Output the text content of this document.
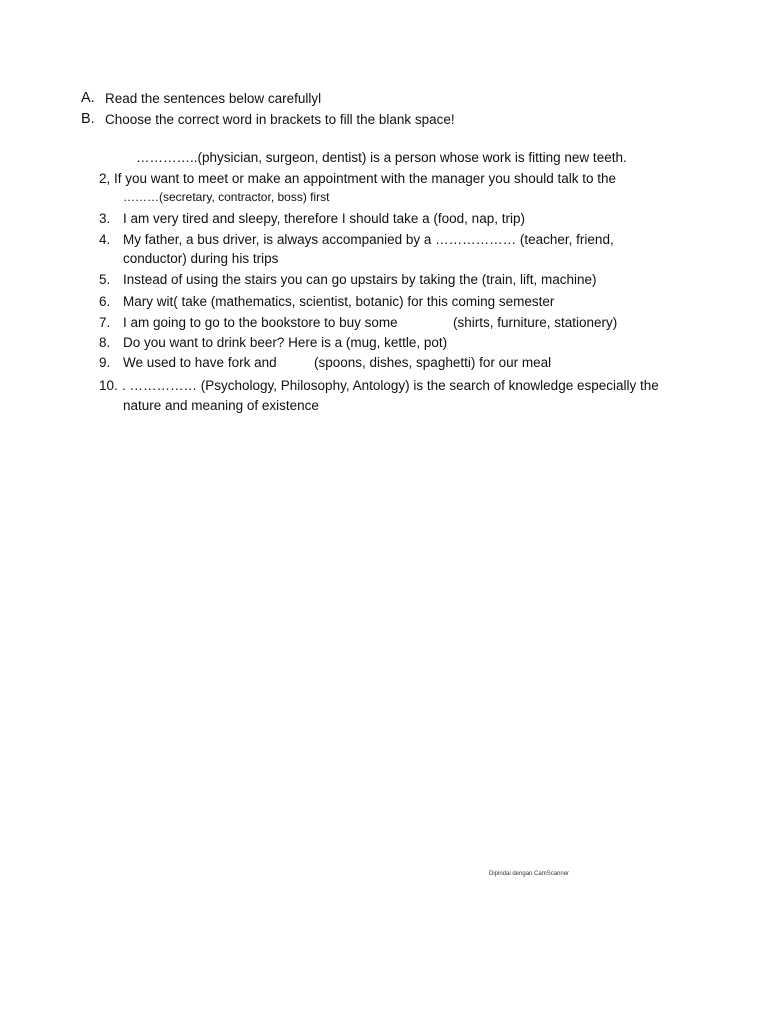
A. Read the sentences below carefullyl
B. Choose the correct word in brackets to fill the blank space!
…………..(physician, surgeon, dentist) is a person whose work is fitting new teeth.
2, If you want to meet or make an appointment with the manager you should talk to the
………(secretary, contractor, boss) first
3. I am very tired and sleepy, therefore I should take a (food, nap, trip)
4. My father, a bus driver, is always accompanied by a ……………… (teacher, friend,
conductor) during his trips
5. Instead of using the stairs you can go upstairs by taking the (train, lift, machine)
6. Mary wit( take (mathematics, scientist, botanic) for this coming semester
7. I am going to go to the bookstore to buy some	(shirts, furniture, stationery)
8. Do you want to drink beer? Here is a (mug, kettle, pot)
9. We used to have fork and	(spoons, dishes, spaghetti) for our meal
10. . …………… (Psychology, Philosophy, Antology) is the search of knowledge especially the
nature and meaning of existence
Dipindai dengan CamScanner
